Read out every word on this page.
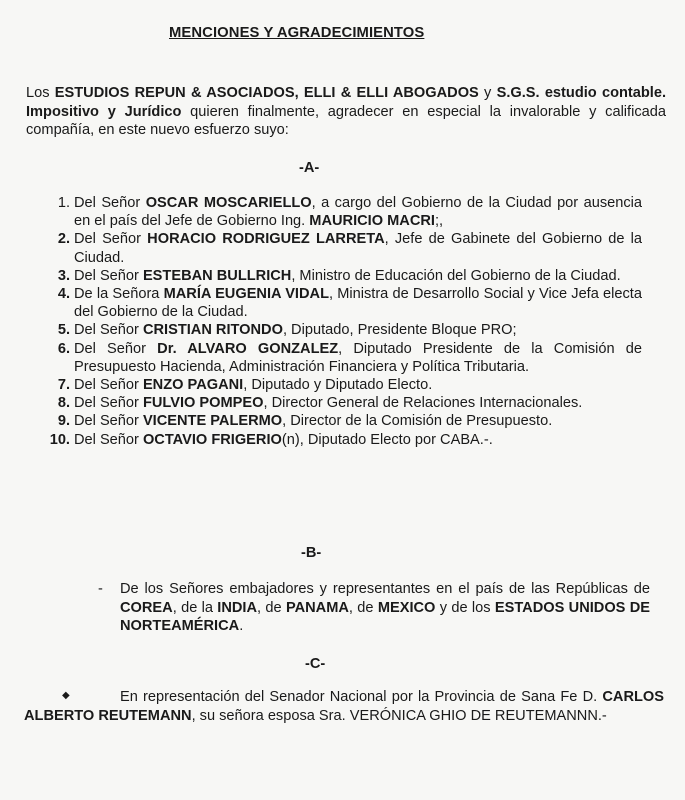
MENCIONES Y AGRADECIMIENTOS

Los ESTUDIOS REPUN & ASOCIADOS, ELLI & ELLI ABOGADOS y S.G.S. estudio contable. Impositivo y Jurídico quieren finalmente, agradecer en especial la invalorable y calificada compañía, en este nuevo esfuerzo suyo:

-A-
1. Del Señor OSCAR MOSCARIELLO, a cargo del Gobierno de la Ciudad por ausencia en el país del Jefe de Gobierno Ing. MAURICIO MACRI;,
2. Del Señor HORACIO RODRIGUEZ LARRETA, Jefe de Gabinete del Gobierno de la Ciudad.
3. Del Señor ESTEBAN BULLRICH, Ministro de Educación del Gobierno de la Ciudad.
4. De la Señora MARÍA EUGENIA VIDAL, Ministra de Desarrollo Social y Vice Jefa electa del Gobierno de la Ciudad.
5. Del Señor CRISTIAN RITONDO, Diputado, Presidente Bloque PRO;
6. Del Señor Dr. ALVARO GONZALEZ, Diputado Presidente de la Comisión de Presupuesto Hacienda, Administración Financiera y Política Tributaria.
7. Del Señor ENZO PAGANI, Diputado y Diputado Electo.
8. Del Señor FULVIO POMPEO, Director General de Relaciones Internacionales.
9. Del Señor VICENTE PALERMO, Director de la Comisión de Presupuesto.
10. Del Señor OCTAVIO FRIGERIO(n), Diputado Electo por CABA.-.
-B-

- De los Señores embajadores y representantes en el país de las Repúblicas de COREA, de la INDIA, de PANAMA, de MEXICO y de los ESTADOS UNIDOS DE NORTEAMÉRICA.

-C-
◆	En representación del Senador Nacional por la Provincia de Sana Fe D. CARLOS ALBERTO REUTEMANN, su señora esposa Sra. VERÓNICA GHIO DE REUTEMANNN.-
